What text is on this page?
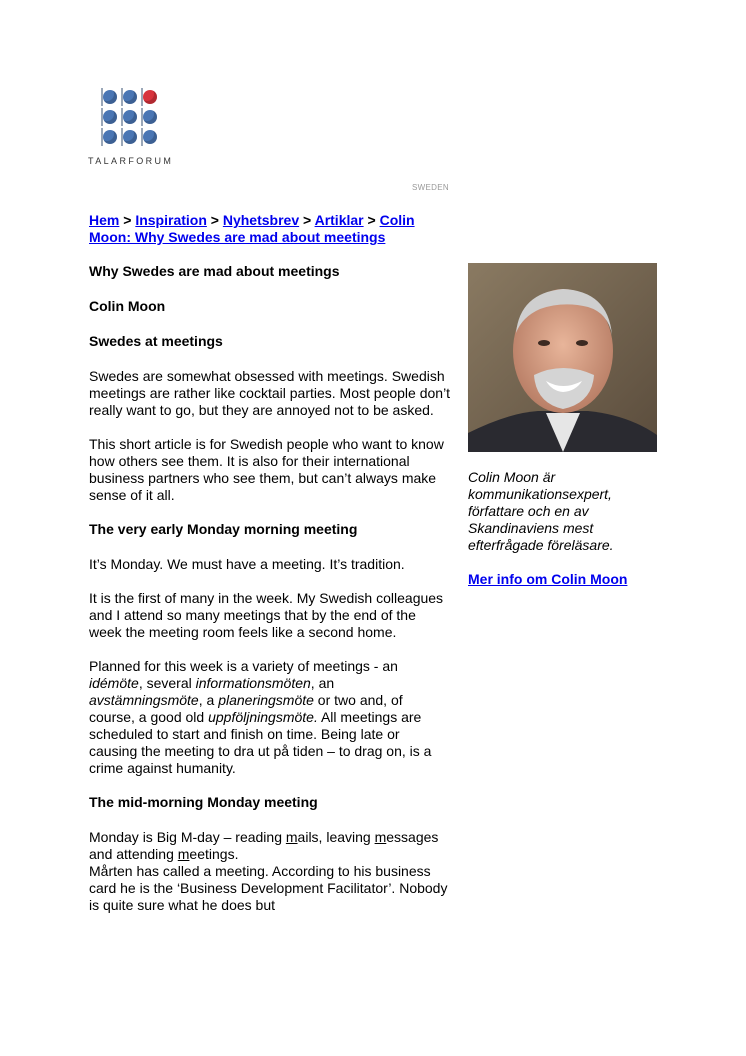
TALARFORUM
SWEDEN
Hem > Inspiration > Nyhetsbrev > Artiklar > Colin Moon: Why Swedes are mad about meetings
Why Swedes are mad about meetings
Colin Moon
Swedes at meetings

Swedes are somewhat obsessed with meetings. Swedish meetings are rather like cocktail parties. Most people don’t really want to go, but they are annoyed not to be asked.

This short article is for Swedish people who want to know how others see them. It is also for their international business partners who see them, but can’t always make sense of it all.

The very early Monday morning meeting

It’s Monday. We must have a meeting. It’s tradition.

It is the first of many in the week. My Swedish colleagues and I attend so many meetings that by the end of the week the meeting room feels like a second home.

Planned for this week is a variety of meetings - an idémöte, several informationsmöten, an avstämningsmöte, a planeringsmöte or two and, of course, a good old uppföljningsmöte. All meetings are scheduled to start and finish on time. Being late or causing the meeting to dra ut på tiden – to drag on, is a crime against humanity.

The mid-morning Monday meeting

Monday is Big M-day – reading mails, leaving messages and attending meetings.
Mårten has called a meeting. According to his business card he is the ‘Business Development Facilitator’. Nobody is quite sure what he does but

Colin Moon är kommunikationsexpert, författare och en av Skandinaviens mest efterfrågade föreläsare.
Mer info om Colin Moon
